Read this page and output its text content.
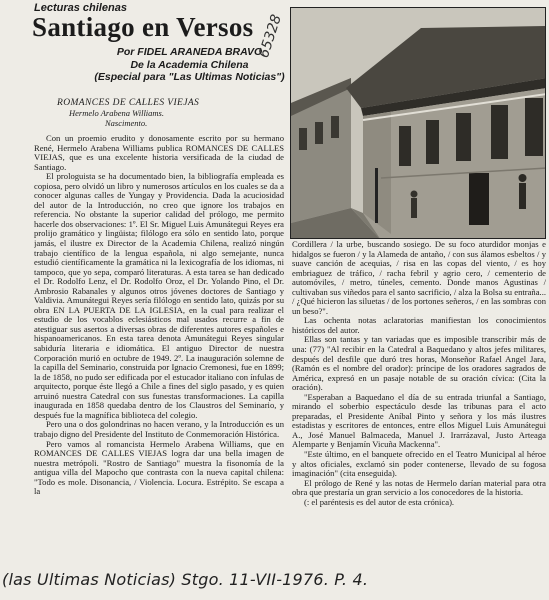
Lecturas chilenas
Santiago en Versos
Por FIDEL ARANEDA BRAVO
De la Academia Chilena
(Especial para "Las Ultimas Noticias")
65328
ROMANCES DE CALLES VIEJAS
Hermelo Arabena Williams.
Nascimento.

Con un proemio erudito y donosamente escrito por su hermano René, Hermelo Arabena Williams publica ROMANCES DE CALLES VIEJAS, que es una excelente historia versificada de la ciudad de Santiago.

El prologuista se ha documentado bien, la bibliografía empleada es copiosa, pero olvidó un libro y numerosos artículos en los cuales se da a conocer algunas calles de Yungay y Providencia. Dada la acuciosidad del autor de la Introducción, no creo que ignore los trabajos en referencia. No obstante la superior calidad del prólogo, me permito hacerle dos observaciones: 1º. El Sr. Miguel Luis Amunátegui Reyes era prolijo gramático y lingüista; filólogo era sólo en sentido lato, porque jamás, el ilustre ex Director de la Academia Chilena, realizó ningún trabajo científico de la lengua española, ni algo semejante, nunca estudió científicamente la gramática ni la lexicografía de los idiomas, ni tampoco, que yo sepa, comparó literaturas. A esta tarea se han dedicado el Dr. Rodolfo Lenz, el Dr. Rodolfo Oroz, el Dr. Yolando Pino, el Dr. Ambrosio Rabanales y algunos otros jóvenes doctores de Santiago y Valdivia. Amunátegui Reyes sería filólogo en sentido lato, quizás por su obra EN LA PUERTA DE LA IGLESIA, en la cual para realizar el estudio de los vocablos eclesiásticos mal usados recurre a fin de atestiguar sus asertos a diversas obras de diferentes autores españoles e hispanoamericanos. En esta tarea denota Amunátegui Reyes singular sabiduría literaria e idiomática. El antiguo Director de nuestra Corporación murió en octubre de 1949. 2º. La inauguración solemne de la capilla del Seminario, construida por Ignacio Cremonesi, fue en 1899; la de 1858, no pudo ser edificada por el estucador italiano con ínfulas de arquitecto, porque éste llegó a Chile a fines del siglo pasado, y es quien arruinó nuestra Catedral con sus funestas transformaciones. La capilla inaugurada en 1858 quedaba dentro de los Claustros del Seminario, y después fue la magnífica biblioteca del colegio.

Pero una o dos golondrinas no hacen verano, y la Introducción es un trabajo digno del Presidente del Instituto de Conmemoración Histórica.

Pero vamos al romancista Hermelo Arabena Williams, que en ROMANCES DE CALLES VIEJAS logra dar una bella imagen de nuestra metrópoli. "Rostro de Santiago" muestra la fisonomía de la antigua villa del Mapocho que contrasta con la nueva capital chilena: "Todo es mole. Disonancia, / Violencia. Locura. Estrépito. Se escapa a la

Cordillera / la urbe, buscando sosiego. De su foco aturdidor monjas e hidalgos se fueron / y la Alameda de antaño, / con sus álamos esbeltos / y suave canción de acequias, / risa en las copas del viento, / es hoy embriaguez de tráfico, / racha febril y agrio cero, / cementerio de automóviles, / metro, túneles, cemento. Donde manos Agustinas / cultivaban sus viñedos para el santo sacrificio, / alza la Bolsa su entraña... / ¿Qué hicieron las siluetas / de los portones señeros, / en las sombras con un beso?".

Las ochenta notas aclaratorias manifiestan los conocimientos históricos del autor.

Ellas son tantas y tan variadas que es imposible transcribir más de una: (77) "Al recibir en la Catedral a Baquedano y altos jefes militares, después del desfile que duró tres horas, Monseñor Rafael Angel Jara, (Ramón es el nombre del orador): príncipe de los oradores sagrados de América, expresó en un pasaje notable de su oración cívica: (Cita la oración).

"Esperaban a Baquedano el día de su entrada triunfal a Santiago, mirando el soberbio espectáculo desde las tribunas para el acto preparadas, el Presidente Aníbal Pinto y señora y los más ilustres estadistas y escritores de entonces, entre ellos Miguel Luis Amunátegui A., José Manuel Balmaceda, Manuel J. Irarrázaval, Justo Arteaga Alemparte y Benjamín Vicuña Mackenna".

"Este último, en el banquete ofrecido en el Teatro Municipal al héroe y altos oficiales, exclamó sin poder contenerse, llevado de su fogosa imaginación" (cita enseguida).

El prólogo de René y las notas de Hermelo darían material para otra obra que prestaría un gran servicio a los conocedores de la historia.

(: el paréntesis es del autor de esta crónica).

(las Ultimas Noticias) Stgo. 11-VII-1976. P. 4.
